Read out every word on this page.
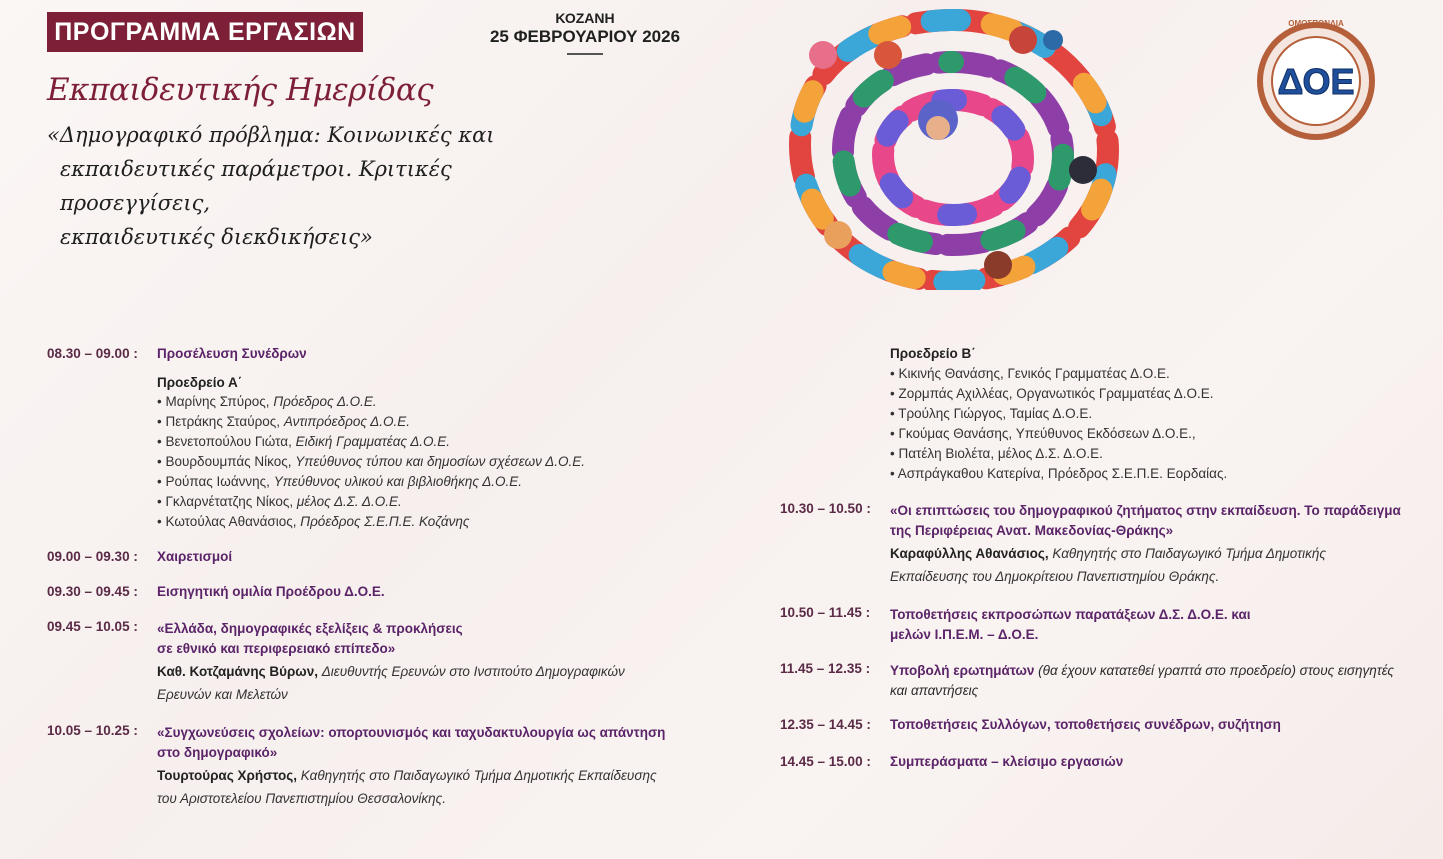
ΠΡΟΓΡΑΜΜΑ ΕΡΓΑΣΙΩΝ	ΚΟΖΑΝΗ
25 ΦΕΒΡΟΥΑΡΙΟΥ 2026
Εκπαιδευτικής Ημερίδας
«Δημογραφικό πρόβλημα: Κοινωνικές και
εκπαιδευτικές παράμετροι. Κριτικές προσεγγίσεις,
εκπαιδευτικές διεκδικήσεις»
ΔΟΕ
ΟΜΟΣΠΟΝΔΙΑ
08.30 – 09.00 :	Προσέλευση Συνέδρων
Προεδρείο Α΄
• Μαρίνης Σπύρος, Πρόεδρος Δ.Ο.Ε.
• Πετράκης Σταύρος, Αντιπρόεδρος Δ.Ο.Ε.
• Βενετοπούλου Γιώτα, Ειδική Γραμματέας Δ.Ο.Ε.
• Βουρδουμπάς Νίκος, Υπεύθυνος τύπου και δημοσίων σχέσεων Δ.Ο.Ε.
• Ρούπας Ιωάννης, Υπεύθυνος υλικού και βιβλιοθήκης Δ.Ο.Ε.
• Γκλαρνέτατζης Νίκος, μέλος Δ.Σ. Δ.Ο.Ε.
• Κωτούλας Αθανάσιος, Πρόεδρος Σ.Ε.Π.Ε. Κοζάνης
09.00 – 09.30 :	Χαιρετισμοί
09.30 – 09.45 :	Εισηγητική ομιλία Προέδρου Δ.Ο.Ε.
09.45 – 10.05 :	«Ελλάδα, δημογραφικές εξελίξεις & προκλήσεις
σε εθνικό και περιφερειακό επίπεδο»
Καθ. Κοτζαμάνης Βύρων, Διευθυντής Ερευνών στο Ινστιτούτο Δημογραφικών
Ερευνών και Μελετών
10.05 – 10.25 :	«Συγχωνεύσεις σχολείων: οπορτουνισμός και ταχυδακτυλουργία ως απάντηση
στο δημογραφικό»
Τουρτούρας Χρήστος, Καθηγητής στο Παιδαγωγικό Τμήμα Δημοτικής Εκπαίδευσης
του Αριστοτελείου Πανεπιστημίου Θεσσαλονίκης.
Προεδρείο Β΄
• Κικινής Θανάσης, Γενικός Γραμματέας Δ.Ο.Ε.
• Ζορμπάς Αχιλλέας, Οργανωτικός Γραμματέας Δ.Ο.Ε.
• Τρούλης Γιώργος, Ταμίας Δ.Ο.Ε.
• Γκούμας Θανάσης, Υπεύθυνος Εκδόσεων Δ.Ο.Ε.,
• Πατέλη Βιολέτα, μέλος Δ.Σ. Δ.Ο.Ε.
• Ασπράγκαθου Κατερίνα, Πρόεδρος Σ.Ε.Π.Ε. Εορδαίας.
10.30 – 10.50 :	«Οι επιπτώσεις του δημογραφικού ζητήματος στην εκπαίδευση. Το παράδειγμα
της Περιφέρειας Ανατ. Μακεδονίας-Θράκης»
Καραφύλλης Αθανάσιος, Καθηγητής στο Παιδαγωγικό Τμήμα Δημοτικής
Εκπαίδευσης του Δημοκρίτειου Πανεπιστημίου Θράκης.
10.50 – 11.45 :	Τοποθετήσεις εκπροσώπων παρατάξεων Δ.Σ. Δ.Ο.Ε. και
μελών Ι.Π.Ε.Μ. – Δ.Ο.Ε.
11.45 – 12.35 :	Υποβολή ερωτημάτων (θα έχουν κατατεθεί γραπτά στο προεδρείο) στους εισηγητές
και απαντήσεις
12.35 – 14.45 :	Τοποθετήσεις Συλλόγων, τοποθετήσεις συνέδρων, συζήτηση
14.45 – 15.00 :	Συμπεράσματα – κλείσιμο εργασιών
